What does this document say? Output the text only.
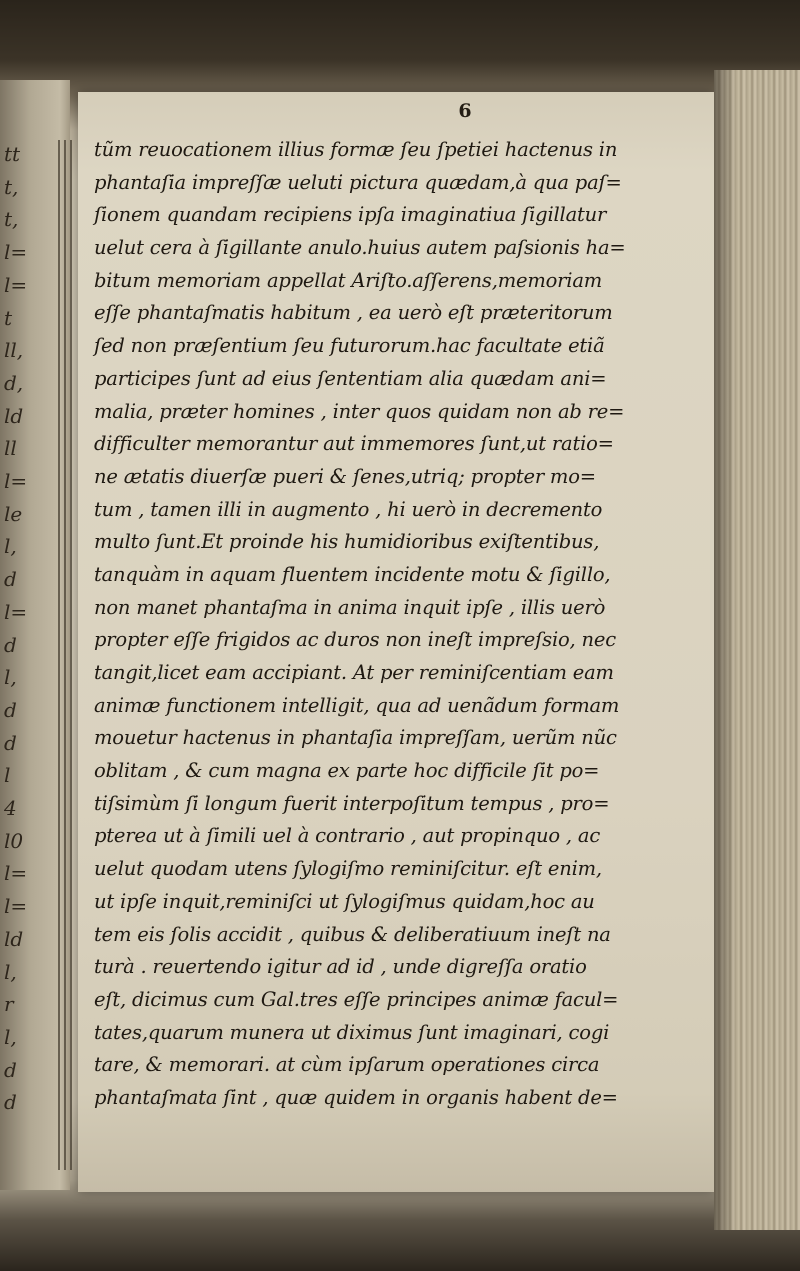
tt
t,
t,
l=
l=
t
ll,
d,
ld
ll
l=
le
l,
d
l=
d
l,
d
d
l
4
l0
l=
l=
ld
l,
r
l,
d
d
6
tũm reuocationem illius formæ ſeu ſpetiei hactenus in
phantaſia impreſſæ ueluti pictura quædam,à qua paſ=
ſionem quandam recipiens ipſa imaginatiua ſigillatur
uelut cera à ſigillante anulo.huius autem paſsionis ha=
bitum memoriam appellat Ariſto.aſſerens,memoriam
eſſe phantaſmatis habitum , ea uerò eſt præteritorum
ſed non præſentium ſeu futurorum.hac facultate etiã
participes ſunt ad eius ſententiam alia quædam ani=
malia, præter homines , inter quos quidam non ab re=
difficulter memorantur aut immemores ſunt,ut ratio=
ne ætatis diuerſæ pueri & ſenes,utriq; propter mo=
tum , tamen illi in augmento , hi uerò in decremento
multo ſunt.Et proinde his humidioribus exiſtentibus,
tanquàm in aquam fluentem incidente motu & ſigillo,
non manet phantaſma in anima inquit ipſe , illis uerò
propter eſſe frigidos ac duros non ineſt impreſsio, nec
tangit,licet eam accipiant. At per reminiſcentiam eam
animæ functionem intelligit, qua ad uenãdum formam
mouetur hactenus in phantaſia impreſſam, uerũm nũc
oblitam , & cum magna ex parte hoc difficile ſit po=
tiſsimùm ſi longum fuerit interpoſitum tempus , pro=
pterea ut à ſimili uel à contrario , aut propinquo , ac
uelut quodam utens ſylogiſmo reminiſcitur. eſt enim,
ut ipſe inquit,reminiſci ut ſylogiſmus quidam,hoc au
tem eis ſolis accidit , quibus & deliberatiuum ineſt na
turà . reuertendo igitur ad id , unde digreſſa oratio
eſt, dicimus cum Gal.tres eſſe principes animæ facul=
tates,quarum munera ut diximus ſunt imaginari, cogi
tare, & memorari. at cùm ipſarum operationes circa
phantaſmata ſint , quæ quidem in organis habent de=
